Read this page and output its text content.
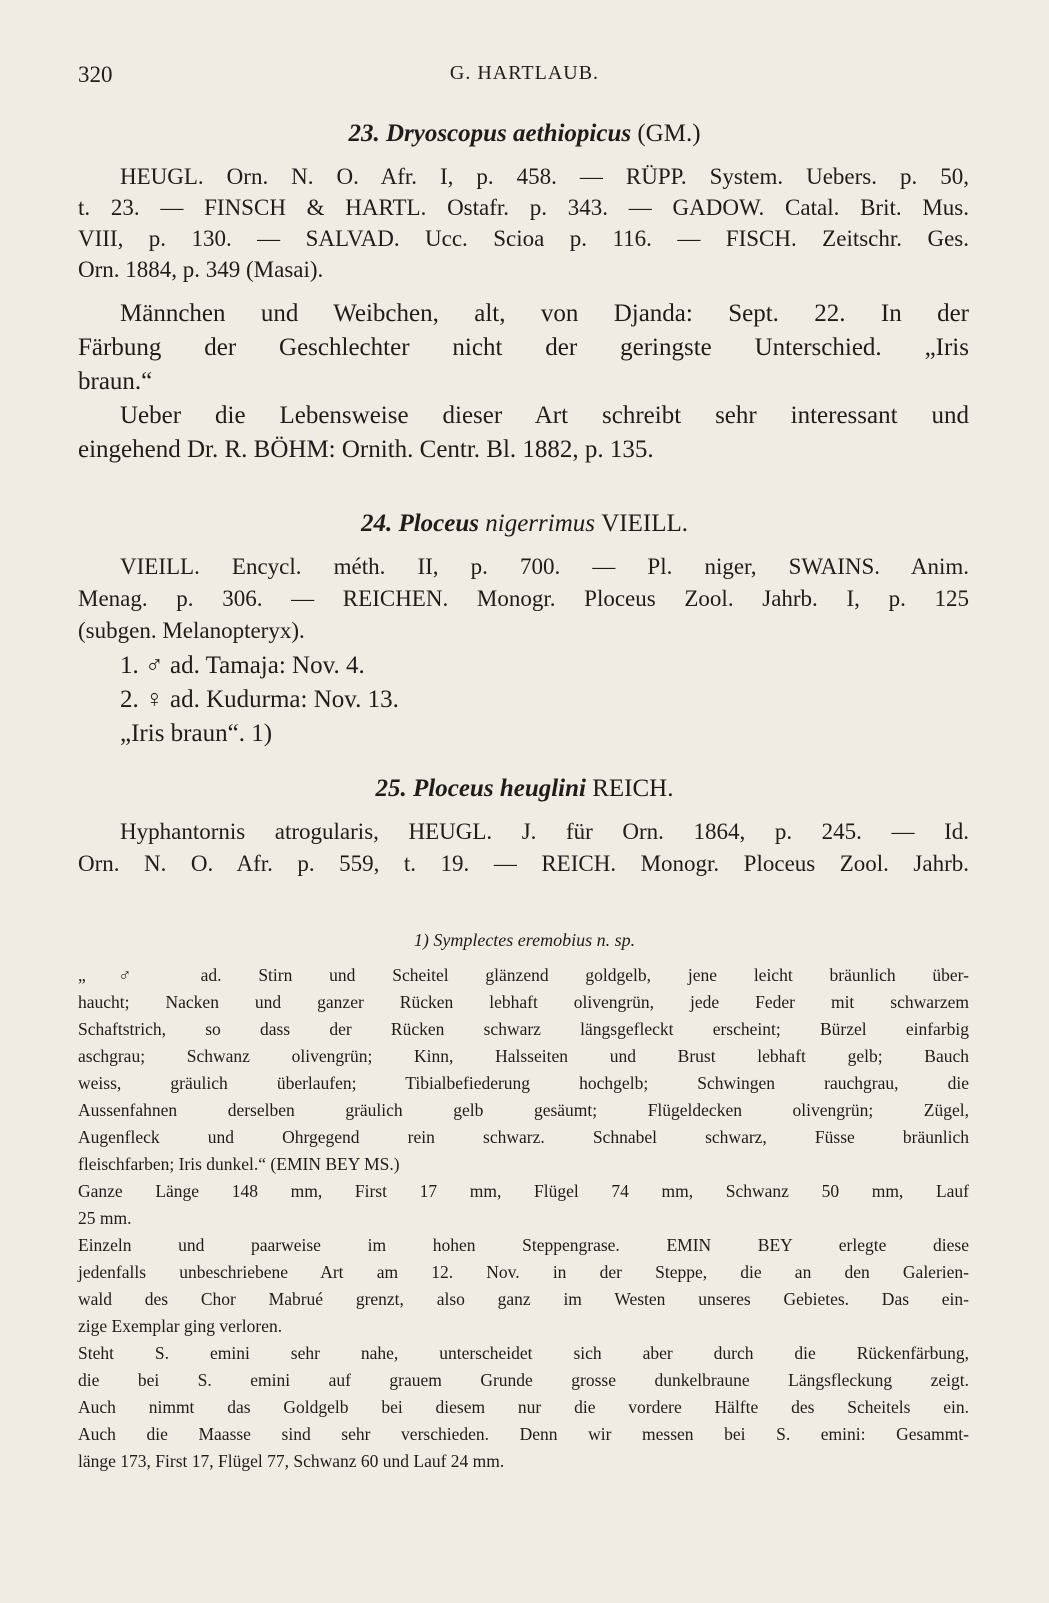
320	G. HARTLAUB.
23. Dryoscopus aethiopicus (GM.)
HEUGL. Orn. N. O. Afr. I, p. 458. — RÜPP. System. Uebers. p. 50,
t. 23. — FINSCH & HARTL. Ostafr. p. 343. — GADOW. Catal. Brit. Mus.
VIII, p. 130. — SALVAD. Ucc. Scioa p. 116. — FISCH. Zeitschr. Ges.
Orn. 1884, p. 349 (Masai).
Männchen und Weibchen, alt, von Djanda: Sept. 22. In der
Färbung der Geschlechter nicht der geringste Unterschied. „Iris
braun.“
Ueber die Lebensweise dieser Art schreibt sehr interessant und
eingehend Dr. R. BÖHM: Ornith. Centr. Bl. 1882, p. 135.
24. Ploceus nigerrimus VIEILL.
VIEILL. Encycl. méth. II, p. 700. — Pl. niger, SWAINS. Anim.
Menag. p. 306. — REICHEN. Monogr. Ploceus Zool. Jahrb. I, p. 125
(subgen. Melanopteryx).
1. ♂ ad. Tamaja: Nov. 4.
2. ♀ ad. Kudurma: Nov. 13.
„Iris braun“. 1)
25. Ploceus heuglini REICH.
Hyphantornis atrogularis, HEUGL. J. für Orn. 1864, p. 245. — Id.
Orn. N. O. Afr. p. 559, t. 19. — REICH. Monogr. Ploceus Zool. Jahrb.
1) Symplectes eremobius n. sp.
„♂ ad. Stirn und Scheitel glänzend goldgelb, jene leicht bräunlich über-
haucht; Nacken und ganzer Rücken lebhaft olivengrün, jede Feder mit schwarzem
Schaftstrich, so dass der Rücken schwarz längsgefleckt erscheint; Bürzel einfarbig
aschgrau; Schwanz olivengrün; Kinn, Halsseiten und Brust lebhaft gelb; Bauch
weiss, gräulich überlaufen; Tibialbefiederung hochgelb; Schwingen rauchgrau, die
Aussenfahnen derselben gräulich gelb gesäumt; Flügeldecken olivengrün; Zügel,
Augenfleck und Ohrgegend rein schwarz. Schnabel schwarz, Füsse bräunlich
fleischfarben; Iris dunkel.“ (EMIN BEY MS.)
Ganze Länge 148 mm, First 17 mm, Flügel 74 mm, Schwanz 50 mm, Lauf
25 mm.
Einzeln und paarweise im hohen Steppengrase. EMIN BEY erlegte diese
jedenfalls unbeschriebene Art am 12. Nov. in der Steppe, die an den Galerien-
wald des Chor Mabrué grenzt, also ganz im Westen unseres Gebietes. Das ein-
zige Exemplar ging verloren.
Steht S. emini sehr nahe, unterscheidet sich aber durch die Rückenfärbung,
die bei S. emini auf grauem Grunde grosse dunkelbraune Längsfleckung zeigt.
Auch nimmt das Goldgelb bei diesem nur die vordere Hälfte des Scheitels ein.
Auch die Maasse sind sehr verschieden. Denn wir messen bei S. emini: Gesammt-
länge 173, First 17, Flügel 77, Schwanz 60 und Lauf 24 mm.
